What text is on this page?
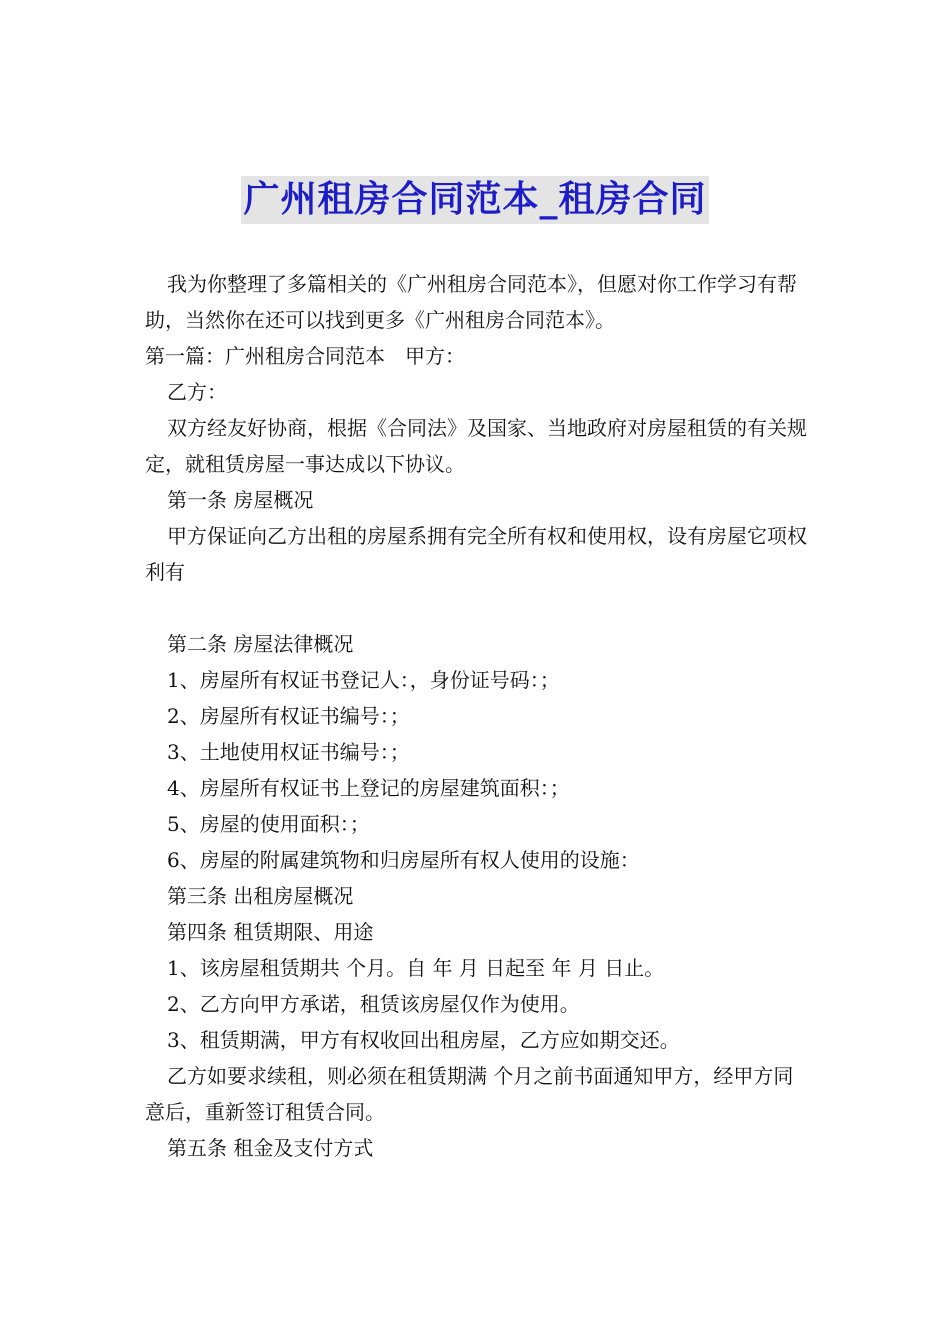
广州租房合同范本_租房合同

我为你整理了多篇相关的《广州租房合同范本》，但愿对你工作学习有帮助，当然你在还可以找到更多《广州租房合同范本》。

第一篇：广州租房合同范本　甲方：

乙方：

双方经友好协商，根据《合同法》及国家、当地政府对房屋租赁的有关规定，就租赁房屋一事达成以下协议。

第一条 房屋概况

甲方保证向乙方出租的房屋系拥有完全所有权和使用权，设有房屋它项权利有

第二条 房屋法律概况

1、房屋所有权证书登记人：，身份证号码：；

2、房屋所有权证书编号：；

3、土地使用权证书编号：；

4、房屋所有权证书上登记的房屋建筑面积：；

5、房屋的使用面积：；

6、房屋的附属建筑物和归房屋所有权人使用的设施：

第三条 出租房屋概况

第四条 租赁期限、用途

1、该房屋租赁期共 个月。自 年 月 日起至 年 月 日止。

2、乙方向甲方承诺，租赁该房屋仅作为使用。

3、租赁期满，甲方有权收回出租房屋，乙方应如期交还。

乙方如要求续租，则必须在租赁期满 个月之前书面通知甲方，经甲方同意后，重新签订租赁合同。

第五条 租金及支付方式
